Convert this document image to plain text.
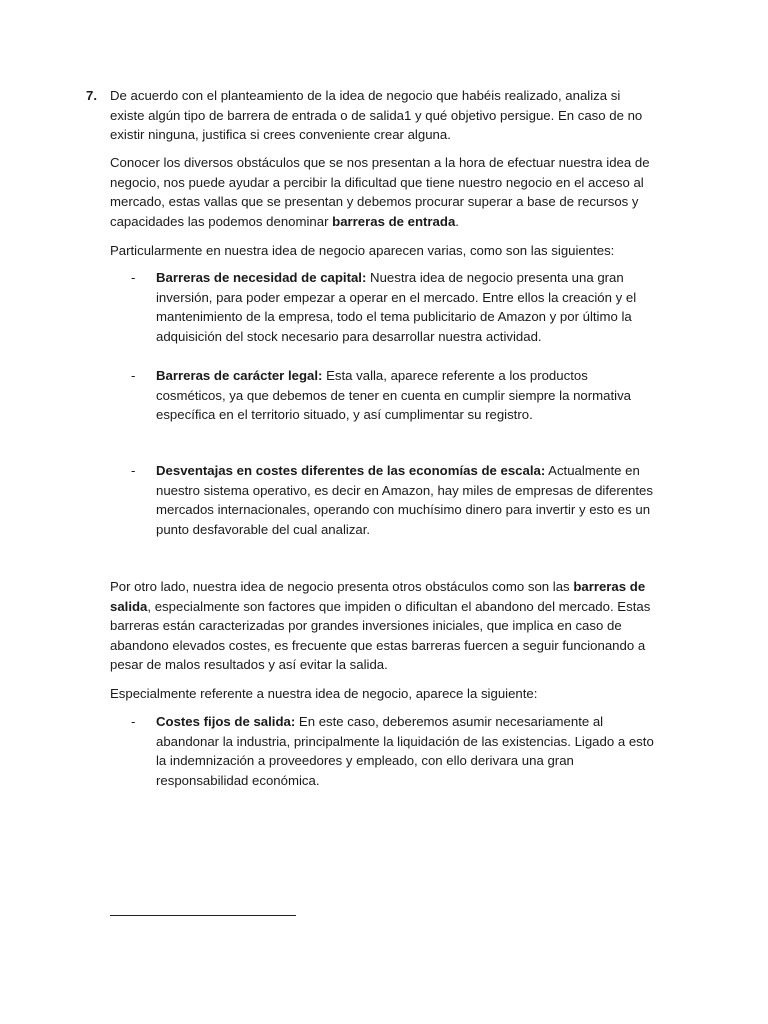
7. De acuerdo con el planteamiento de la idea de negocio que habéis realizado, analiza si existe algún tipo de barrera de entrada o de salida1 y qué objetivo persigue. En caso de no existir ninguna, justifica si crees conveniente crear alguna.

Conocer los diversos obstáculos que se nos presentan a la hora de efectuar nuestra idea de negocio, nos puede ayudar a percibir la dificultad que tiene nuestro negocio en el acceso al mercado, estas vallas que se presentan y debemos procurar superar a base de recursos y capacidades las podemos denominar barreras de entrada.

Particularmente en nuestra idea de negocio aparecen varias, como son las siguientes:

- Barreras de necesidad de capital: Nuestra idea de negocio presenta una gran inversión, para poder empezar a operar en el mercado. Entre ellos la creación y el mantenimiento de la empresa, todo el tema publicitario de Amazon y por último la adquisición del stock necesario para desarrollar nuestra actividad.
- Barreras de carácter legal: Esta valla, aparece referente a los productos cosméticos, ya que debemos de tener en cuenta en cumplir siempre la normativa específica en el territorio situado, y así cumplimentar su registro.
- Desventajas en costes diferentes de las economías de escala: Actualmente en nuestro sistema operativo, es decir en Amazon, hay miles de empresas de diferentes mercados internacionales, operando con muchísimo dinero para invertir y esto es un punto desfavorable del cual analizar.

Por otro lado, nuestra idea de negocio presenta otros obstáculos como son las barreras de salida, especialmente son factores que impiden o dificultan el abandono del mercado. Estas barreras están caracterizadas por grandes inversiones iniciales, que implica en caso de abandono elevados costes, es frecuente que estas barreras fuercen a seguir funcionando a pesar de malos resultados y así evitar la salida.

Especialmente referente a nuestra idea de negocio, aparece la siguiente:

- Costes fijos de salida: En este caso, deberemos asumir necesariamente al abandonar la industria, principalmente la liquidación de las existencias. Ligado a esto la indemnización a proveedores y empleado, con ello derivara una gran responsabilidad económica.
